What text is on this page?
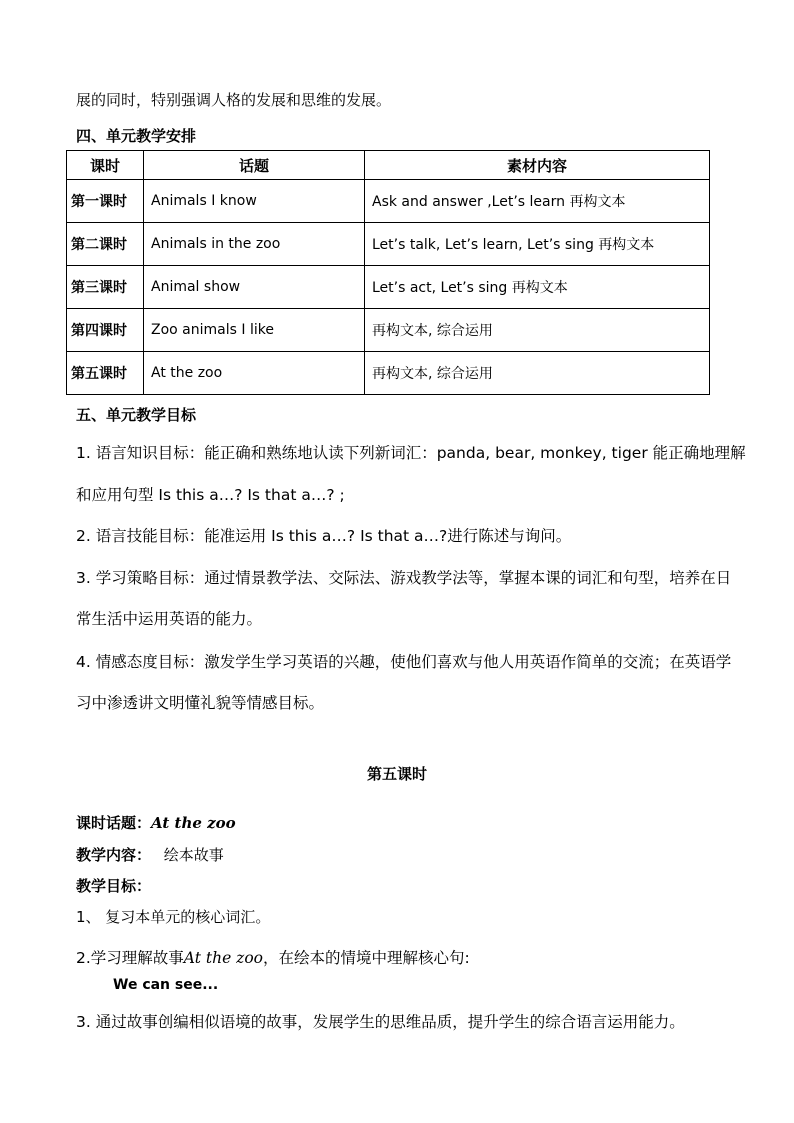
展的同时，特别强调人格的发展和思维的发展。
四、单元教学安排
课时	话题	素材内容
第一课时	Animals I know	Ask and answer ,Let’s learn 再构文本
第二课时	Animals in the zoo	Let’s talk, Let’s learn, Let’s sing 再构文本
第三课时	Animal show	Let’s act, Let’s sing 再构文本
第四课时	Zoo animals I like	再构文本, 综合运用
第五课时	At the zoo	再构文本, 综合运用
五、单元教学目标
1. 语言知识目标：能正确和熟练地认读下列新词汇：panda, bear, monkey, tiger 能正确地理解
和应用句型 Is this a…? Is that a…? ;
2. 语言技能目标：能准运用 Is this a…? Is that a…?进行陈述与询问。
3. 学习策略目标：通过情景教学法、交际法、游戏教学法等，掌握本课的词汇和句型，培养在日
常生活中运用英语的能力。
4. 情感态度目标：激发学生学习英语的兴趣，使他们喜欢与他人用英语作简单的交流；在英语学
习中渗透讲文明懂礼貌等情感目标。
第五课时
课时话题：At the zoo
教学内容： 绘本故事
教学目标：
1、 复习本单元的核心词汇。
2.学习理解故事At the zoo，在绘本的情境中理解核心句:
We can see...
3. 通过故事创编相似语境的故事，发展学生的思维品质，提升学生的综合语言运用能力。
